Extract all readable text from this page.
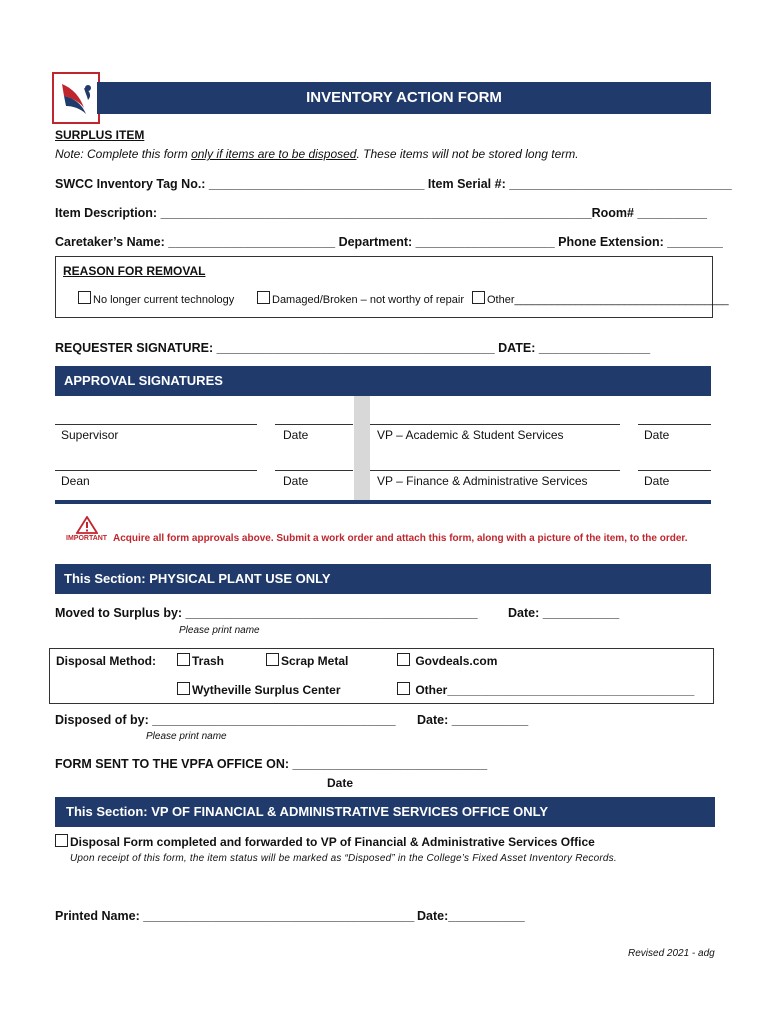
INVENTORY ACTION FORM
SURPLUS ITEM
Note: Complete this form only if items are to be disposed. These items will not be stored long term.
SWCC Inventory Tag No.: _______________________________ Item Serial #: ________________________________
Item Description: ______________________________________________________________Room# __________
Caretaker’s Name: ________________________ Department: ____________________ Phone Extension: ________
REASON FOR REMOVAL
No longer current technology	Damaged/Broken – not worthy of repair	Other___________________________________
REQUESTER SIGNATURE: ________________________________________ DATE: ________________
APPROVAL SIGNATURES
Supervisor	Date	VP – Academic & Student Services	Date
Dean	Date	VP – Finance & Administrative Services	Date
IMPORTANT Acquire all form approvals above. Submit a work order and attach this form, along with a picture of the item, to the order.
This Section: PHYSICAL PLANT USE ONLY
Moved to Surplus by: __________________________________________ Date: ___________
Please print name
Disposal Method:	Trash	Scrap Metal	Govdeals.com
Wytheville Surplus Center	Other_____________________________________
Disposed of by: ___________________________________ Date: ___________
Please print name
FORM SENT TO THE VPFA OFFICE ON: ____________________________
Date
This Section: VP OF FINANCIAL & ADMINISTRATIVE SERVICES OFFICE ONLY
Disposal Form completed and forwarded to VP of Financial & Administrative Services Office
Upon receipt of this form, the item status will be marked as “Disposed” in the College’s Fixed Asset Inventory Records.
Printed Name: _______________________________________ Date:___________
Revised 2021 - adg
